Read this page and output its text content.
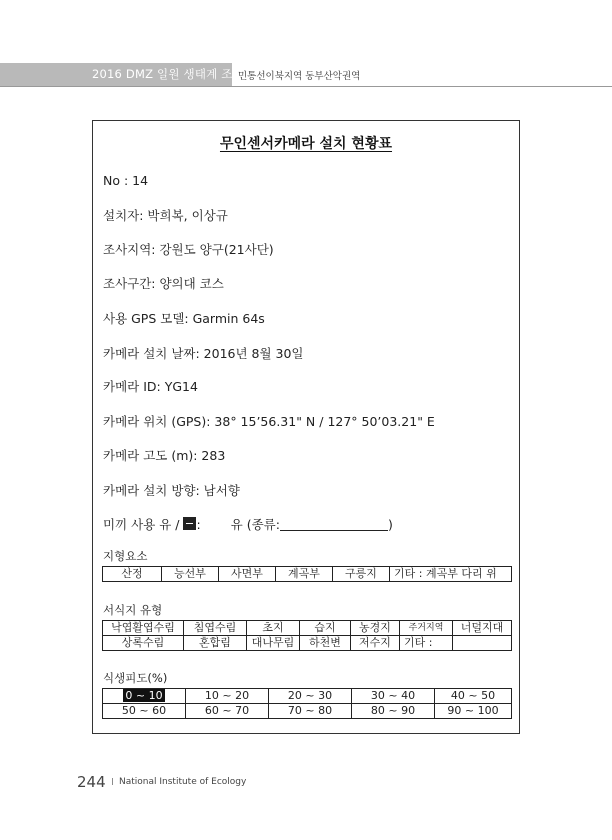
2016 DMZ 일원 생태계 조사
민통선이북지역 동부산악권역
무인센서카메라 설치 현황표
No : 14
설치자: 박희복, 이상규
조사지역: 강원도 양구(21사단)
조사구간: 양의대 코스
사용 GPS 모델: Garmin 64s
카메라 설치 날짜: 2016년 8월 30일
카메라 ID: YG14
카메라 위치 (GPS): 38° 15’56.31" N / 127° 50’03.21" E
카메라 고도 (m): 283
카메라 설치 방향: 남서향
미끼 사용 유 / : 유 (종류:	)
지형요소
산정	능선부	사면부	계곡부	구릉지	기타 : 계곡부 다리 위
서식지 유형
낙엽활엽수림	침엽수림	초지	습지	농경지	주거지역	너덜지대
상록수림	혼합림	대나무림	하천변	저수지	기타 :	
식생피도(%)
0 ~ 10	10 ~ 20	20 ~ 30	30 ~ 40	40 ~ 50
50 ~ 60	60 ~ 70	70 ~ 80	80 ~ 90	90 ~ 100
244 I National Institute of Ecology
